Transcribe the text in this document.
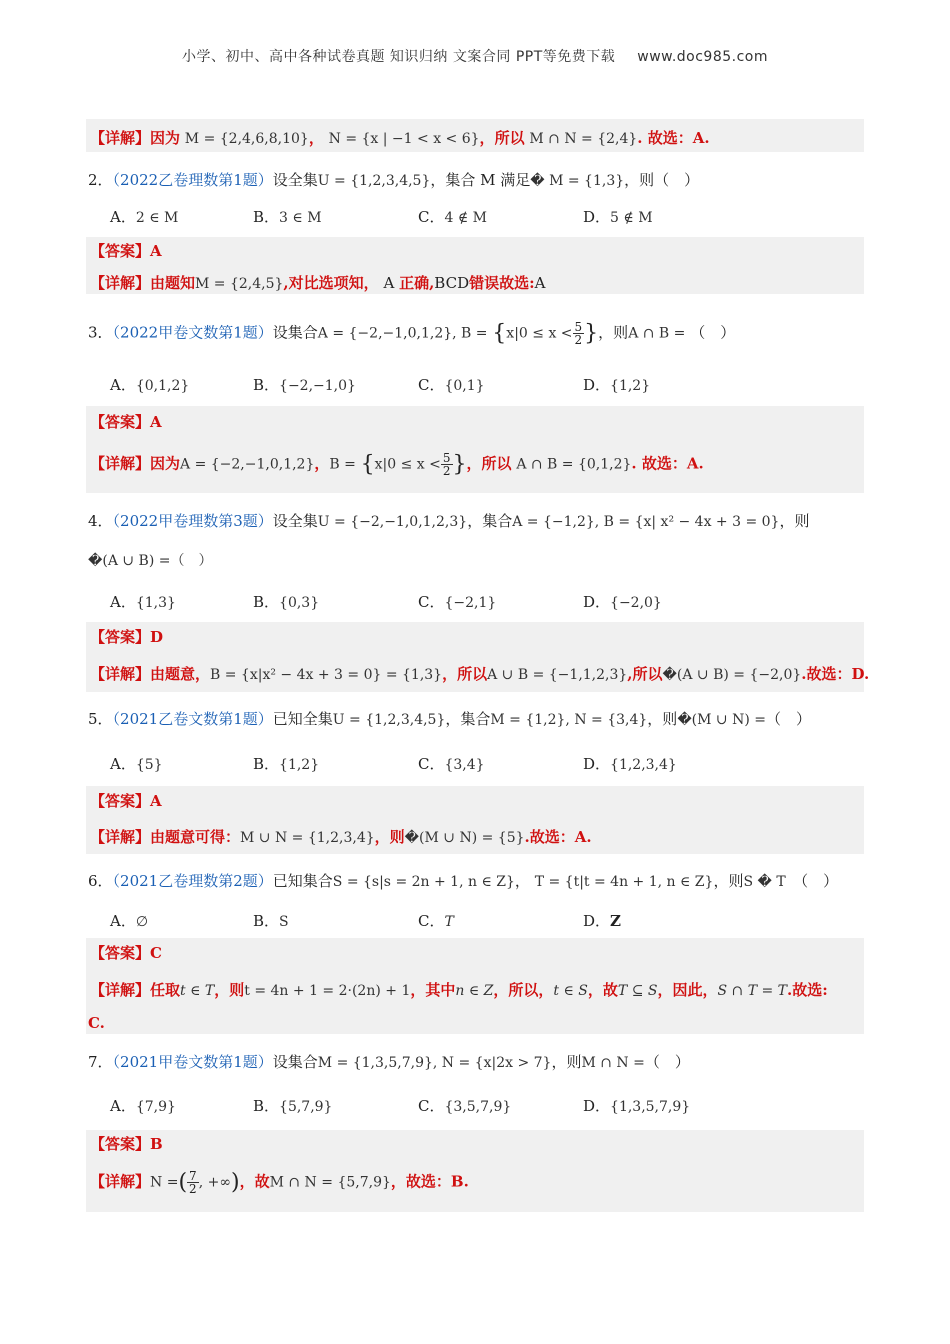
小学、初中、高中各种试卷真题 知识归纳 文案合同 PPT等免费下载 www.doc985.com
【详解】因为 M = {2,4,6,8,10}， N = {x | −1 < x < 6}，所以 M ∩ N = {2,4}. 故选：A.
2．（2022乙卷理数第1题）设全集U = {1,2,3,4,5}，集合 M 满足� M = {1,3}，则（　）
A．2 ∈ M	B．3 ∈ M	C．4 ∉ M	D．5 ∉ M
【答案】A
【详解】由题知M = {2,4,5},对比选项知， A 正确,BCD错误故选:A
3．（2022甲卷文数第1题）设集合A = {−2,−1,0,1,2}, $B = \{x|0 \le x < \frac{5}{2}$ }，则A ∩ B = （　）
A．{0,1,2}	B．{−2,−1,0}	C．{0,1}	D．{1,2}
【答案】A
【详解】因为A = {−2,−1,0,1,2}，$B = \{x|0 \le x < \frac{5}{2}$ }，所以 A ∩ B = {0,1,2}. 故选：A.
4．（2022甲卷理数第3题）设全集U = {−2,−1,0,1,2,3}，集合A = {−1,2}, B = {x| x² − 4x + 3 = 0}，则
�(A ∪ B) =（　）
A．{1,3}	B．{0,3}	C．{−2,1}	D．{−2,0}
【答案】D
【详解】由题意，B = {x|x² − 4x + 3 = 0} = {1,3}，所以A ∪ B = {−1,1,2,3},所以�(A ∪ B) = {−2,0}.故选：D.
5．（2021乙卷文数第1题）已知全集U = {1,2,3,4,5}，集合M = {1,2}, N = {3,4}，则�(M ∪ N) =（　）
A．{5}	B．{1,2}	C．{3,4}	D．{1,2,3,4}
【答案】A
【详解】由题意可得：M ∪ N = {1,2,3,4}，则�(M ∪ N) = {5}.故选：A.
6．（2021乙卷理数第2题）已知集合S = {s|s = 2n + 1, n ∈ Z}， T = {t|t = 4n + 1, n ∈ Z}，则S � T　 （　）
A．∅	B．S	C．T	D．Z
【答案】C
【详解】任取t ∈ T，则t = 4n + 1 = 2·(2n) + 1，其中n ∈ Z，所以，t ∈ S，故T ⊆ S，因此，S ∩ T = T.故选:
C.
7．（2021甲卷文数第1题）设集合M = {1,3,5,7,9}, N = {x|2x > 7}，则M ∩ N =（　）
A．{7,9}	B．{5,7,9}	C．{3,5,7,9}	D．{1,3,5,7,9}
【答案】B
【详解】N =( $\frac{7}{2}$ , +∞)，故M ∩ N = {5,7,9}，故选：B.
